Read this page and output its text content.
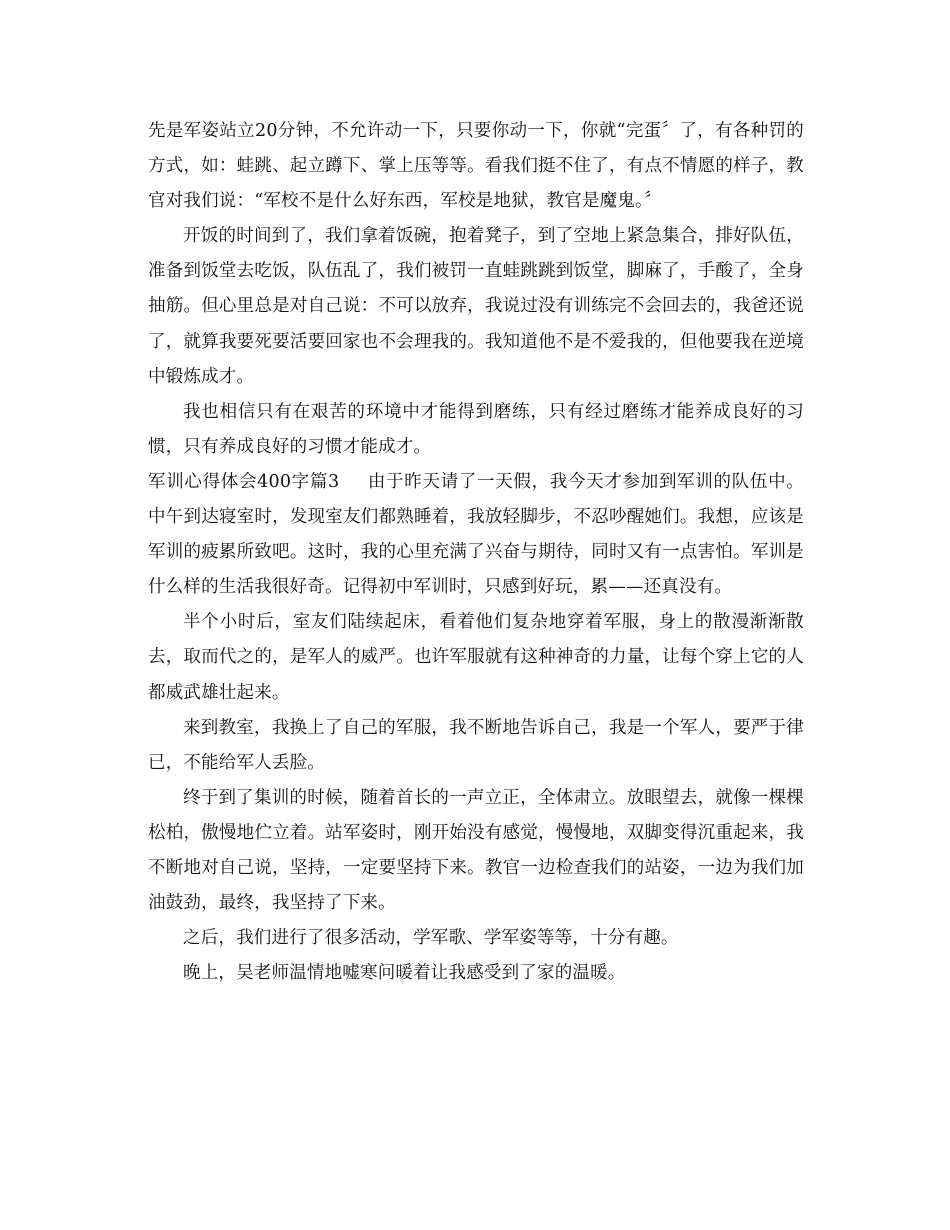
先是军姿站立20分钟，不允许动一下，只要你动一下，你就“完蛋〞了，有各种罚的方式，如：蛙跳、起立蹲下、掌上压等等。看我们挺不住了，有点不情愿的样子，教官对我们说：“军校不是什么好东西，军校是地狱，教官是魔鬼。〞

开饭的时间到了，我们拿着饭碗，抱着凳子，到了空地上紧急集合，排好队伍，准备到饭堂去吃饭，队伍乱了，我们被罚一直蛙跳跳到饭堂，脚麻了，手酸了，全身抽筋。但心里总是对自己说：不可以放弃，我说过没有训练完不会回去的，我爸还说了，就算我要死要活要回家也不会理我的。我知道他不是不爱我的，但他要我在逆境中锻炼成才。

我也相信只有在艰苦的环境中才能得到磨练，只有经过磨练才能养成良好的习惯，只有养成良好的习惯才能成才。

军训心得体会400字篇3 由于昨天请了一天假，我今天才参加到军训的队伍中。中午到达寝室时，发现室友们都熟睡着，我放轻脚步，不忍吵醒她们。我想，应该是军训的疲累所致吧。这时，我的心里充满了兴奋与期待，同时又有一点害怕。军训是什么样的生活我很好奇。记得初中军训时，只感到好玩，累——还真没有。

半个小时后，室友们陆续起床，看着他们复杂地穿着军服，身上的散漫渐渐散去，取而代之的，是军人的威严。也许军服就有这种神奇的力量，让每个穿上它的人都威武雄壮起来。

来到教室，我换上了自己的军服，我不断地告诉自己，我是一个军人，要严于律已，不能给军人丢脸。

终于到了集训的时候，随着首长的一声立正，全体肃立。放眼望去，就像一棵棵松柏，傲慢地伫立着。站军姿时，刚开始没有感觉，慢慢地，双脚变得沉重起来，我不断地对自己说，坚持，一定要坚持下来。教官一边检查我们的站姿，一边为我们加油鼓劲，最终，我坚持了下来。

之后，我们进行了很多活动，学军歌、学军姿等等，十分有趣。

晚上，吴老师温情地嘘寒问暖着让我感受到了家的温暖。
